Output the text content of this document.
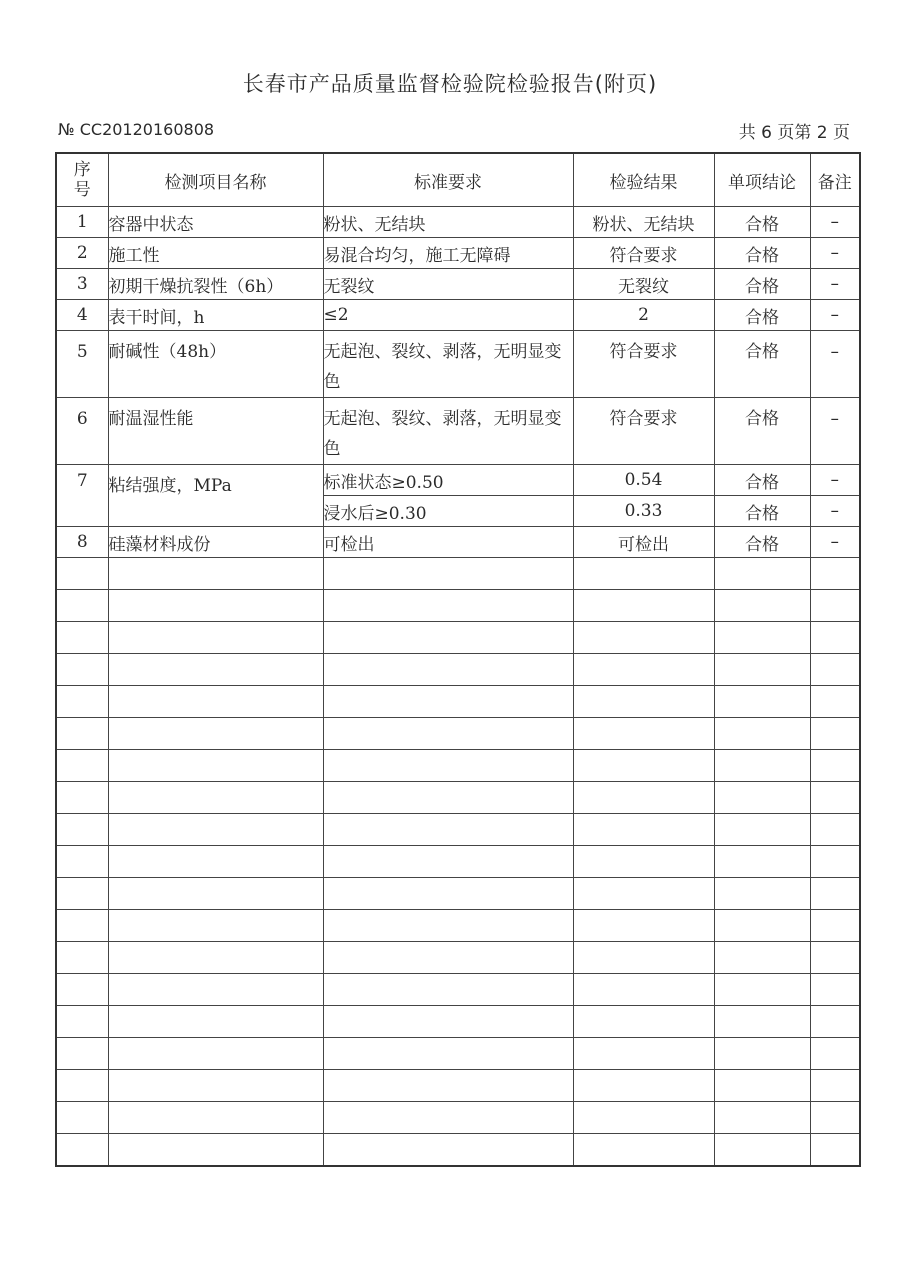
长春市产品质量监督检验院检验报告(附页)
№ CC20120160808	共 6 页第 2 页
序
号	检测项目名称	标准要求	检验结果	单项结论	备注
1	容器中状态	粉状、无结块	粉状、无结块	合格	–
2	施工性	易混合均匀，施工无障碍	符合要求	合格	–
3	初期干燥抗裂性（6h）	无裂纹	无裂纹	合格	–
4	表干时间，h	≤2	2	合格	–

5	耐碱性（48h）	无起泡、裂纹、剥落，无明显变色	符合要求	合格	–

6	耐温湿性能	无起泡、裂纹、剥落，无明显变色	符合要求	合格	–

7	粘结强度，MPa	标准状态≥0.50	0.54	合格	–
		浸水后≥0.30	0.33	合格	–
8	硅藻材料成份	可检出	可检出	合格	–
